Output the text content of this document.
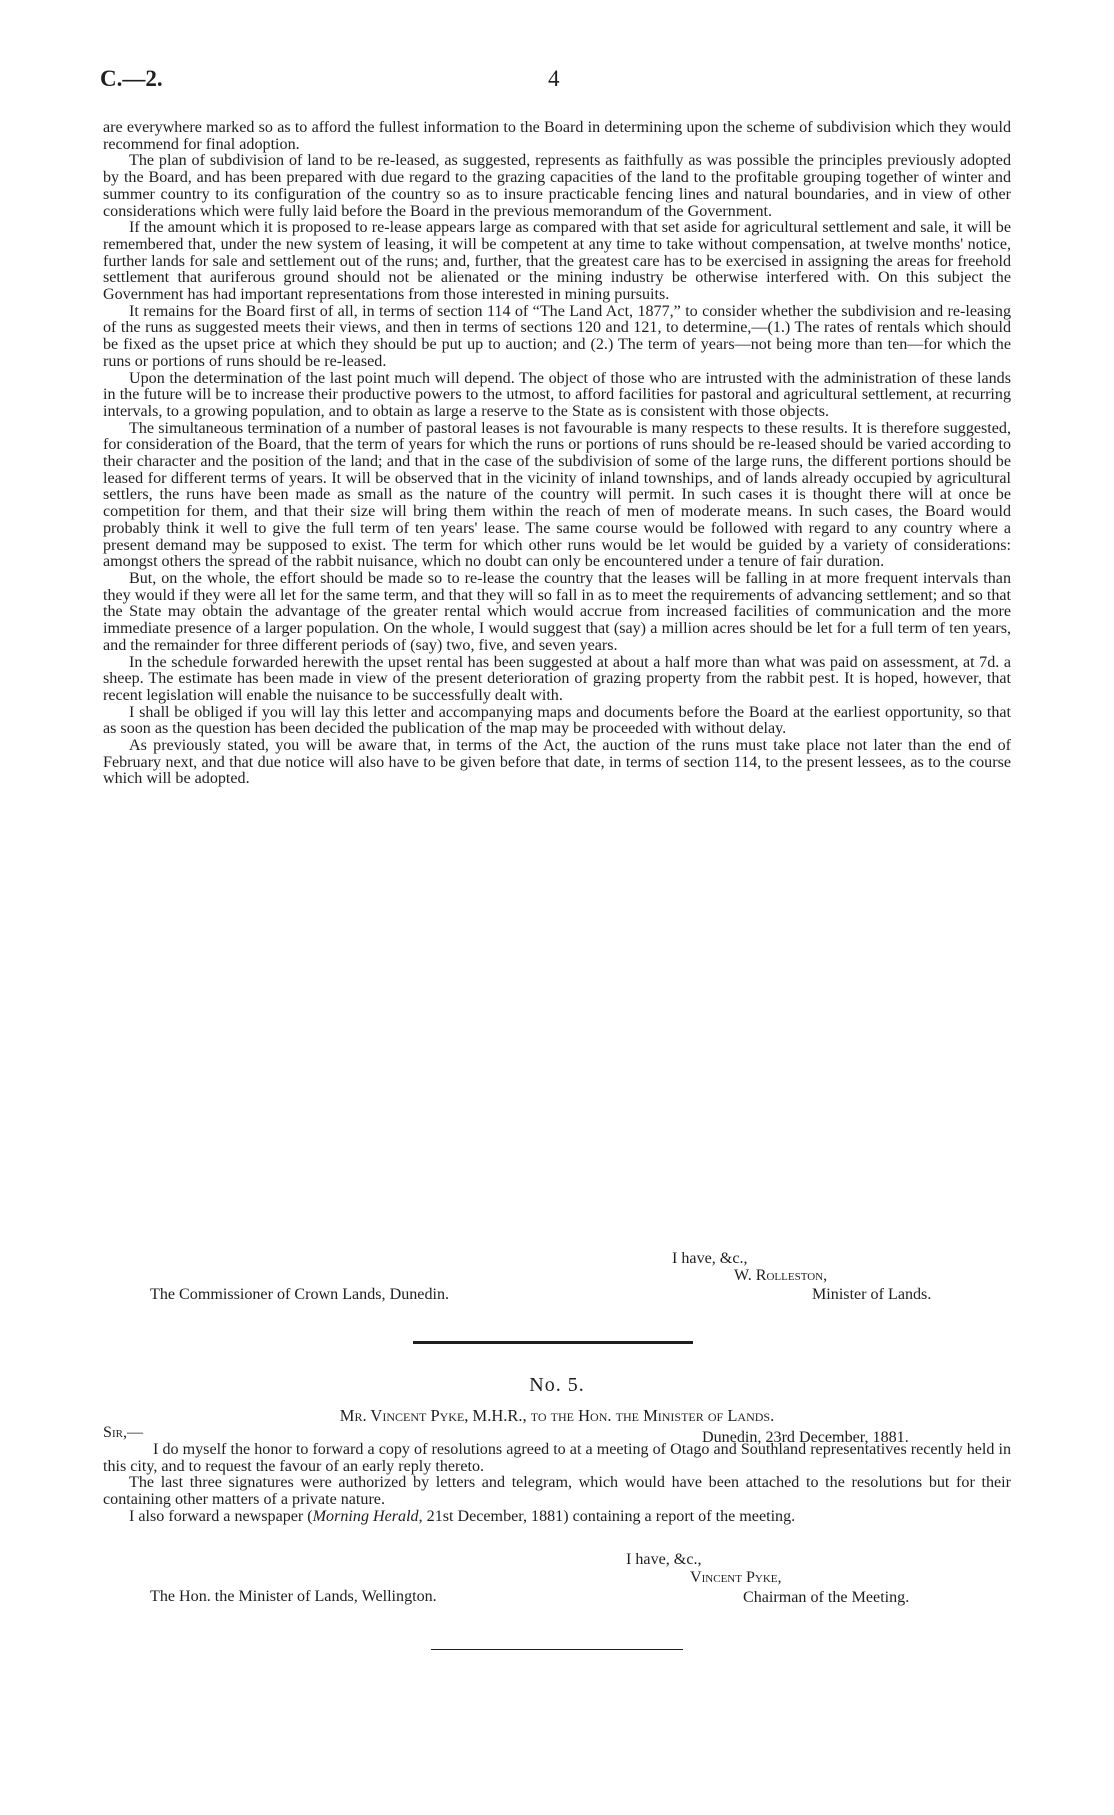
C.—2.	4

are everywhere marked so as to afford the fullest information to the Board in determining upon the scheme of subdivision which they would recommend for final adoption.

The plan of subdivision of land to be re-leased, as suggested, represents as faithfully as was possible the principles previously adopted by the Board, and has been prepared with due regard to the grazing capacities of the land to the profitable grouping together of winter and summer country to its configuration of the country so as to insure practicable fencing lines and natural boundaries, and in view of other considerations which were fully laid before the Board in the previous memorandum of the Government.

If the amount which it is proposed to re-lease appears large as compared with that set aside for agricultural settlement and sale, it will be remembered that, under the new system of leasing, it will be competent at any time to take without compensation, at twelve months' notice, further lands for sale and settlement out of the runs; and, further, that the greatest care has to be exercised in assigning the areas for freehold settlement that auriferous ground should not be alienated or the mining industry be otherwise interfered with. On this subject the Government has had important representations from those interested in mining pursuits.

It remains for the Board first of all, in terms of section 114 of “The Land Act, 1877,” to consider whether the subdivision and re-leasing of the runs as suggested meets their views, and then in terms of sections 120 and 121, to determine,—(1.) The rates of rentals which should be fixed as the upset price at which they should be put up to auction; and (2.) The term of years—not being more than ten—for which the runs or portions of runs should be re-leased.

Upon the determination of the last point much will depend. The object of those who are intrusted with the administration of these lands in the future will be to increase their productive powers to the utmost, to afford facilities for pastoral and agricultural settlement, at recurring intervals, to a growing population, and to obtain as large a reserve to the State as is consistent with those objects.

The simultaneous termination of a number of pastoral leases is not favourable is many respects to these results. It is therefore suggested, for consideration of the Board, that the term of years for which the runs or portions of runs should be re-leased should be varied according to their character and the position of the land; and that in the case of the subdivision of some of the large runs, the different portions should be leased for different terms of years. It will be observed that in the vicinity of inland townships, and of lands already occupied by agricultural settlers, the runs have been made as small as the nature of the country will permit. In such cases it is thought there will at once be competition for them, and that their size will bring them within the reach of men of moderate means. In such cases, the Board would probably think it well to give the full term of ten years' lease. The same course would be followed with regard to any country where a present demand may be supposed to exist. The term for which other runs would be let would be guided by a variety of considerations: amongst others the spread of the rabbit nuisance, which no doubt can only be encountered under a tenure of fair duration.

But, on the whole, the effort should be made so to re-lease the country that the leases will be falling in at more frequent intervals than they would if they were all let for the same term, and that they will so fall in as to meet the requirements of advancing settlement; and so that the State may obtain the advantage of the greater rental which would accrue from increased facilities of communication and the more immediate presence of a larger population. On the whole, I would suggest that (say) a million acres should be let for a full term of ten years, and the remainder for three different periods of (say) two, five, and seven years.

In the schedule forwarded herewith the upset rental has been suggested at about a half more than what was paid on assessment, at 7d. a sheep. The estimate has been made in view of the present deterioration of grazing property from the rabbit pest. It is hoped, however, that recent legislation will enable the nuisance to be successfully dealt with.

I shall be obliged if you will lay this letter and accompanying maps and documents before the Board at the earliest opportunity, so that as soon as the question has been decided the publication of the map may be proceeded with without delay.

As previously stated, you will be aware that, in terms of the Act, the auction of the runs must take place not later than the end of February next, and that due notice will also have to be given before that date, in terms of section 114, to the present lessees, as to the course which will be adopted.

I have, &c.,
W. Rolleston,
The Commissioner of Crown Lands, Dunedin.	Minister of Lands.
No. 5.
Mr. Vincent Pyke, M.H.R., to the Hon. the Minister of Lands.
Sir,—	Dunedin, 23rd December, 1881.

I do myself the honor to forward a copy of resolutions agreed to at a meeting of Otago and Southland representatives recently held in this city, and to request the favour of an early reply thereto.

The last three signatures were authorized by letters and telegram, which would have been attached to the resolutions but for their containing other matters of a private nature.

I also forward a newspaper (Morning Herald, 21st December, 1881) containing a report of the meeting.

I have, &c.,
Vincent Pyke,
The Hon. the Minister of Lands, Wellington.	Chairman of the Meeting.
